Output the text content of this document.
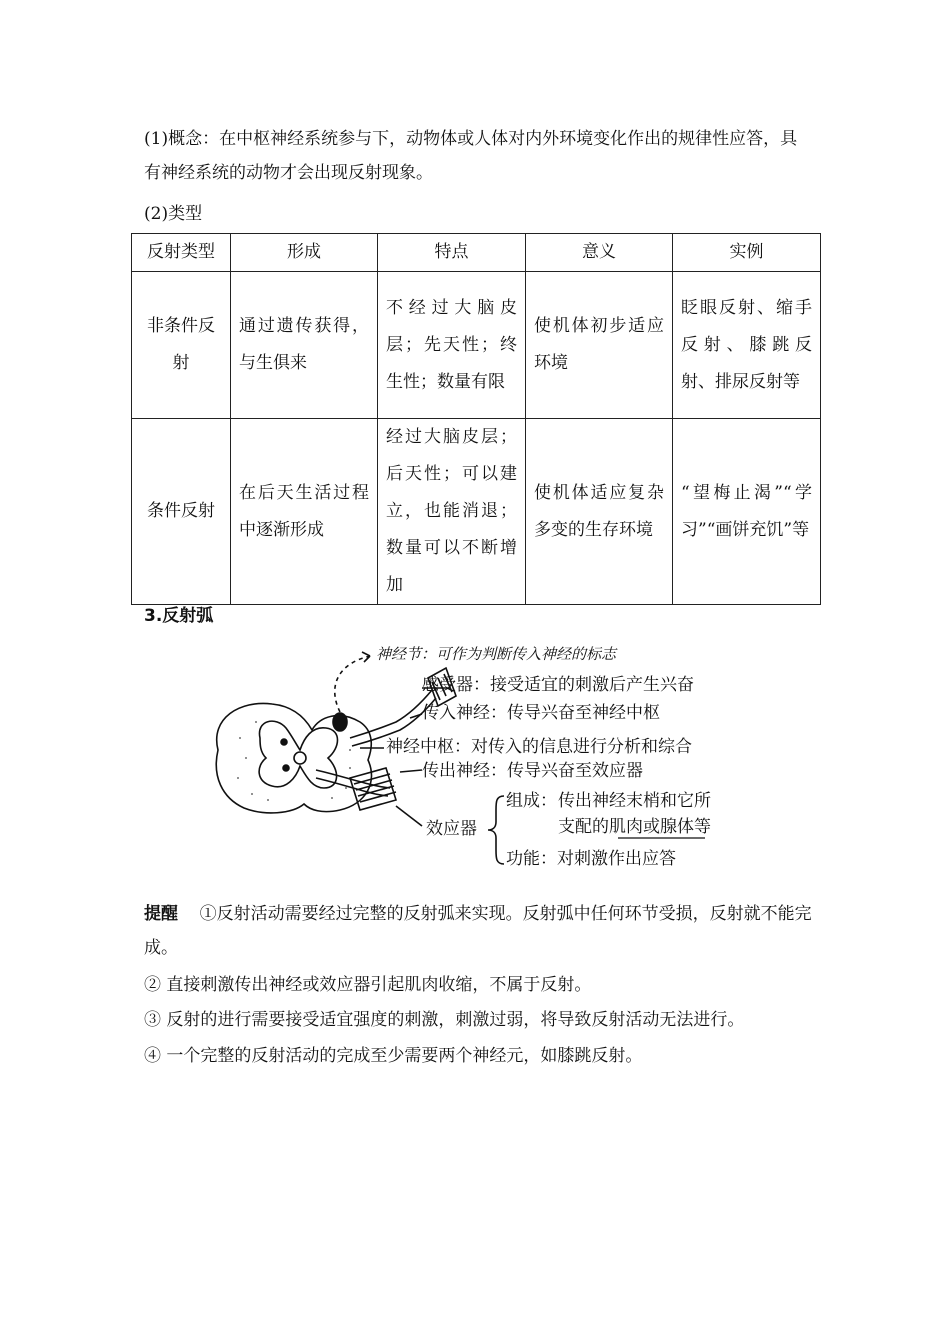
(1)概念：在中枢神经系统参与下，动物体或人体对内外环境变化作出的规律性应答，具有神经系统的动物才会出现反射现象。

(2)类型

反射类型	形成	特点	意义	实例
非条件反射	通过遗传获得，与生俱来	不经过大脑皮层；先天性；终生性；数量有限	使机体初步适应环境	眨眼反射、缩手反射、膝跳反射、排尿反射等
条件反射	在后天生活过程中逐渐形成	经过大脑皮层；后天性；可以建立，也能消退；数量可以不断增加	使机体适应复杂多变的生存环境	“望梅止渴”“学习”“画饼充饥”等

3.反射弧

神经节：可作为判断传入神经的标志
感受器：接受适宜的刺激后产生兴奋
传入神经：传导兴奋至神经中枢
神经中枢：对传入的信息进行分析和综合
传出神经：传导兴奋至效应器
效应器
组成： 传出神经末梢和它所
支配的肌肉或腺体等
功能：对刺激作出应答

提醒 ①反射活动需要经过完整的反射弧来实现。反射弧中任何环节受损，反射就不能完成。

② 直接刺激传出神经或效应器引起肌肉收缩，不属于反射。

③ 反射的进行需要接受适宜强度的刺激，刺激过弱，将导致反射活动无法进行。

④ 一个完整的反射活动的完成至少需要两个神经元，如膝跳反射。
